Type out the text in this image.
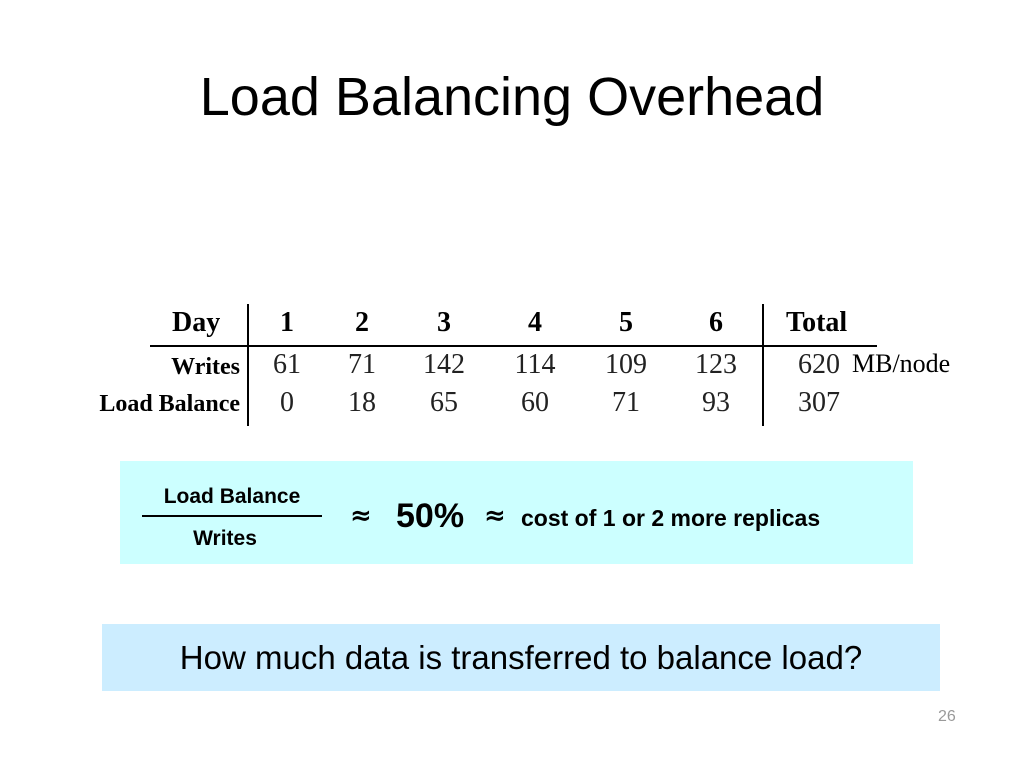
Load Balancing Overhead
Day 1 2 3	4	5	6 Total
Writes 61 71 142 114 109 123 620 MB/node
Load Balance 0 18 65 60 71 93 307
Load Balance
Writes
≈ 50% ≈ cost of 1 or 2 more replicas
How much data is transferred to balance load?
26
